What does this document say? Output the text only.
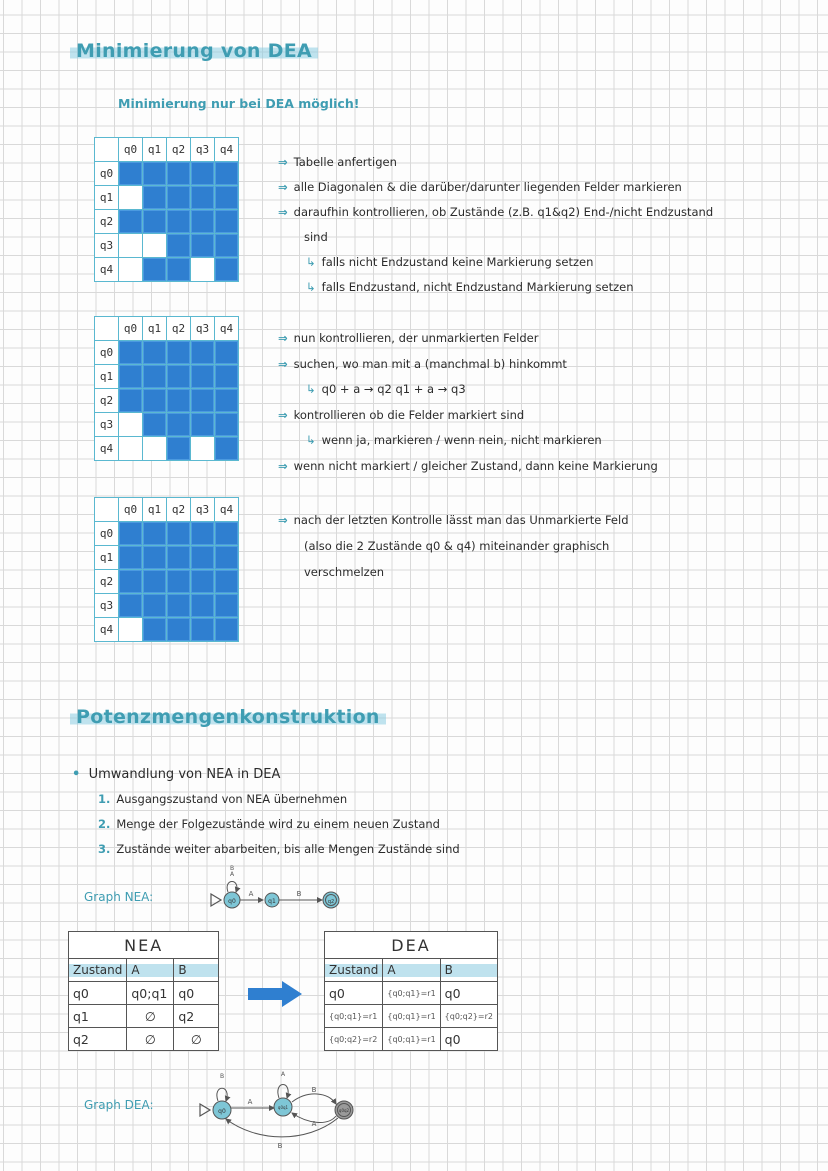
Minimierung von DEA
Minimierung nur bei DEA möglich!
	q0	q1	q2	q3	q4
q0					
q1					
q2					
q3					
q4					
⇒ Tabelle anfertigen
⇒ alle Diagonalen & die darüber/darunter liegenden Felder markieren
⇒ daraufhin kontrollieren, ob Zustände (z.B. q1&q2) End-/nicht Endzustand
sind
↳ falls nicht Endzustand keine Markierung setzen
↳ falls Endzustand, nicht Endzustand Markierung setzen
	q0	q1	q2	q3	q4
q0					
q1					
q2					
q3					
q4					
⇒ nun kontrollieren, der unmarkierten Felder
⇒ suchen, wo man mit a (manchmal b) hinkommt
↳ q0 + a → q2 q1 + a → q3
⇒ kontrollieren ob die Felder markiert sind
↳ wenn ja, markieren / wenn nein, nicht markieren
⇒ wenn nicht markiert / gleicher Zustand, dann keine Markierung
	q0	q1	q2	q3	q4
q0					
q1					
q2					
q3					
q4					
⇒ nach der letzten Kontrolle lässt man das Unmarkierte Feld
(also die 2 Zustände q0 & q4) miteinander graphisch
verschmelzen
Potenzmengenkonstruktion
• Umwandlung von NEA in DEA
1. Ausgangszustand von NEA übernehmen
2. Menge der Folgezustände wird zu einem neuen Zustand
3. Zustände weiter abarbeiten, bis alle Mengen Zustände sind
Graph NEA:	q0
B
A
A
q1
B
q2
NEA		
Zustand	A	B
q0	q0;q1	q0
q1	∅	q2
q2	∅	∅
DEA		
Zustand	A	B
q0	{q0;q1}=r1	q0
{q0;q1}=r1	{q0;q1}=r1	{q0;q2}=r2
{q0;q2}=r2	{q0;q1}=r1	q0
Graph DEA:	q0
B
A
q0q1
A
B
A
q0q2
B
